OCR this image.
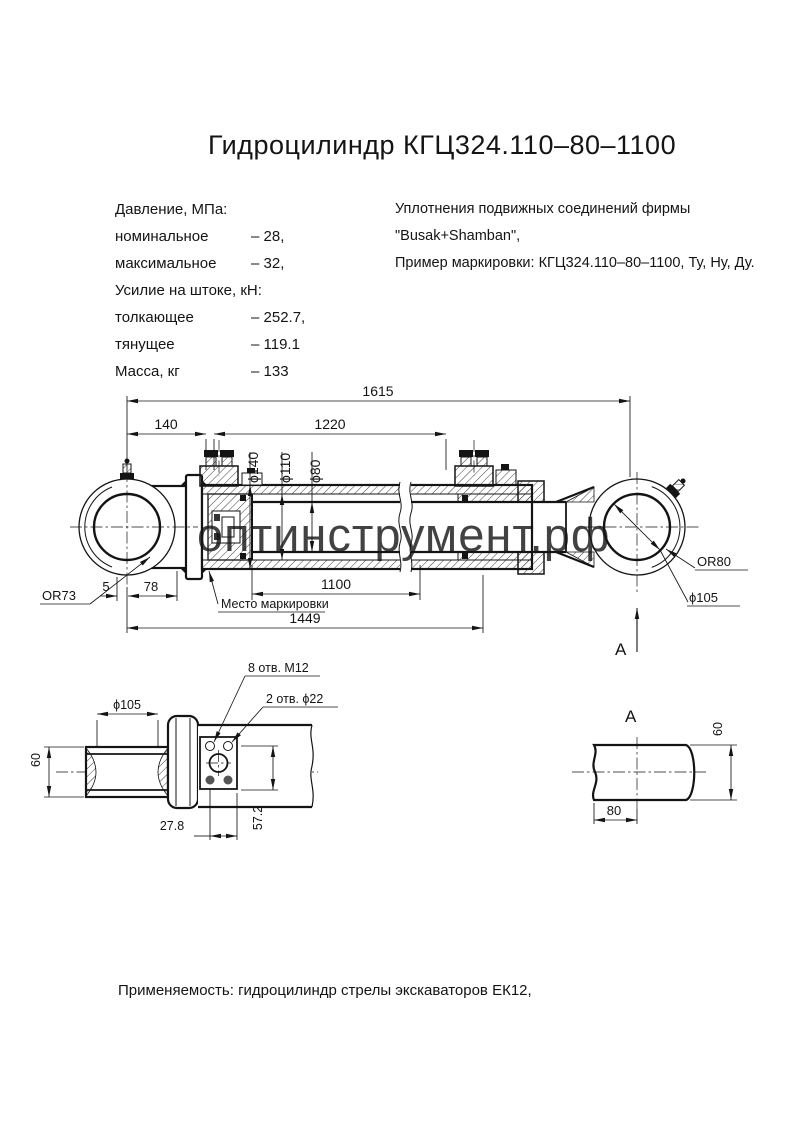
Гидроцилиндр КГЦ324.110–80–1100
Давление, МПа:
номинальное	– 28,
максимальное	– 32,
Усилие на штоке, кН:
толкающее	– 252.7,
тянущее	– 119.1
Масса, кг	– 133
Уплотнения подвижных соединений фирмы
"Busak+Shamban",
Пример маркировки: КГЦ324.110–80–1100, Ту, Ну, Ду.
1615
140	1220
ϕ140 ϕ110 ϕ80
1100
Место маркировки
1449
5	78
OR73
OR80
ϕ105
А
8 отв. М12
2 отв. ϕ22
ϕ105
60
27.8	57.2
А
60
80
оптинструмент.рф
Применяемость: гидроцилиндр стрелы экскаваторов ЕК12,
